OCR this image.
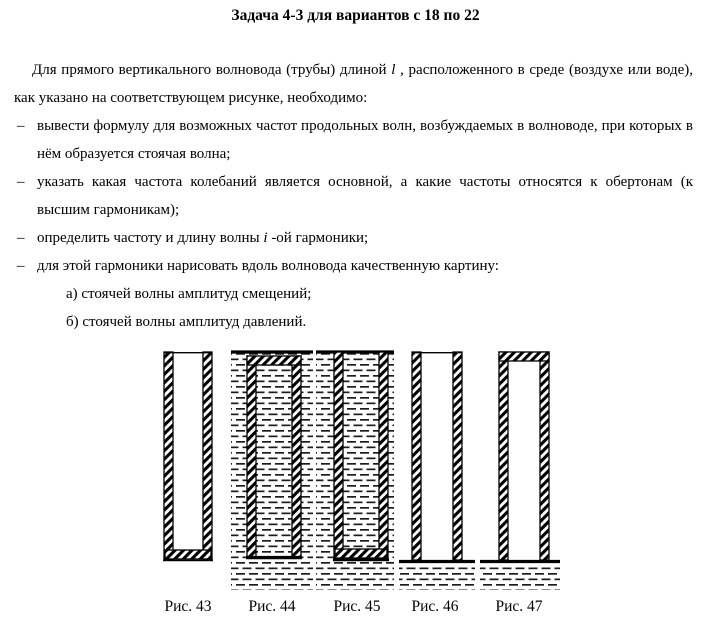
Задача 4-3 для вариантов с 18 по 22

Для прямого вертикального волновода (трубы) длиной l , расположенного в среде (воздухе или воде), как указано на соответствующем рисунке, необходимо:

– вывести формулу для возможных частот продольных волн, возбуждаемых в волноводе, при которых в нём образуется стоячая волна;
– указать какая частота колебаний является основной, а какие частоты относятся к обертонам (к высшим гармоникам);
– определить частоту и длину волны i -ой гармоники;
– для этой гармоники нарисовать вдоль волновода качественную картину:
а) стоячей волны амплитуд смещений;
б) стоячей волны амплитуд давлений.
Рис. 43	Рис. 44	Рис. 45	Рис. 46	Рис. 47
